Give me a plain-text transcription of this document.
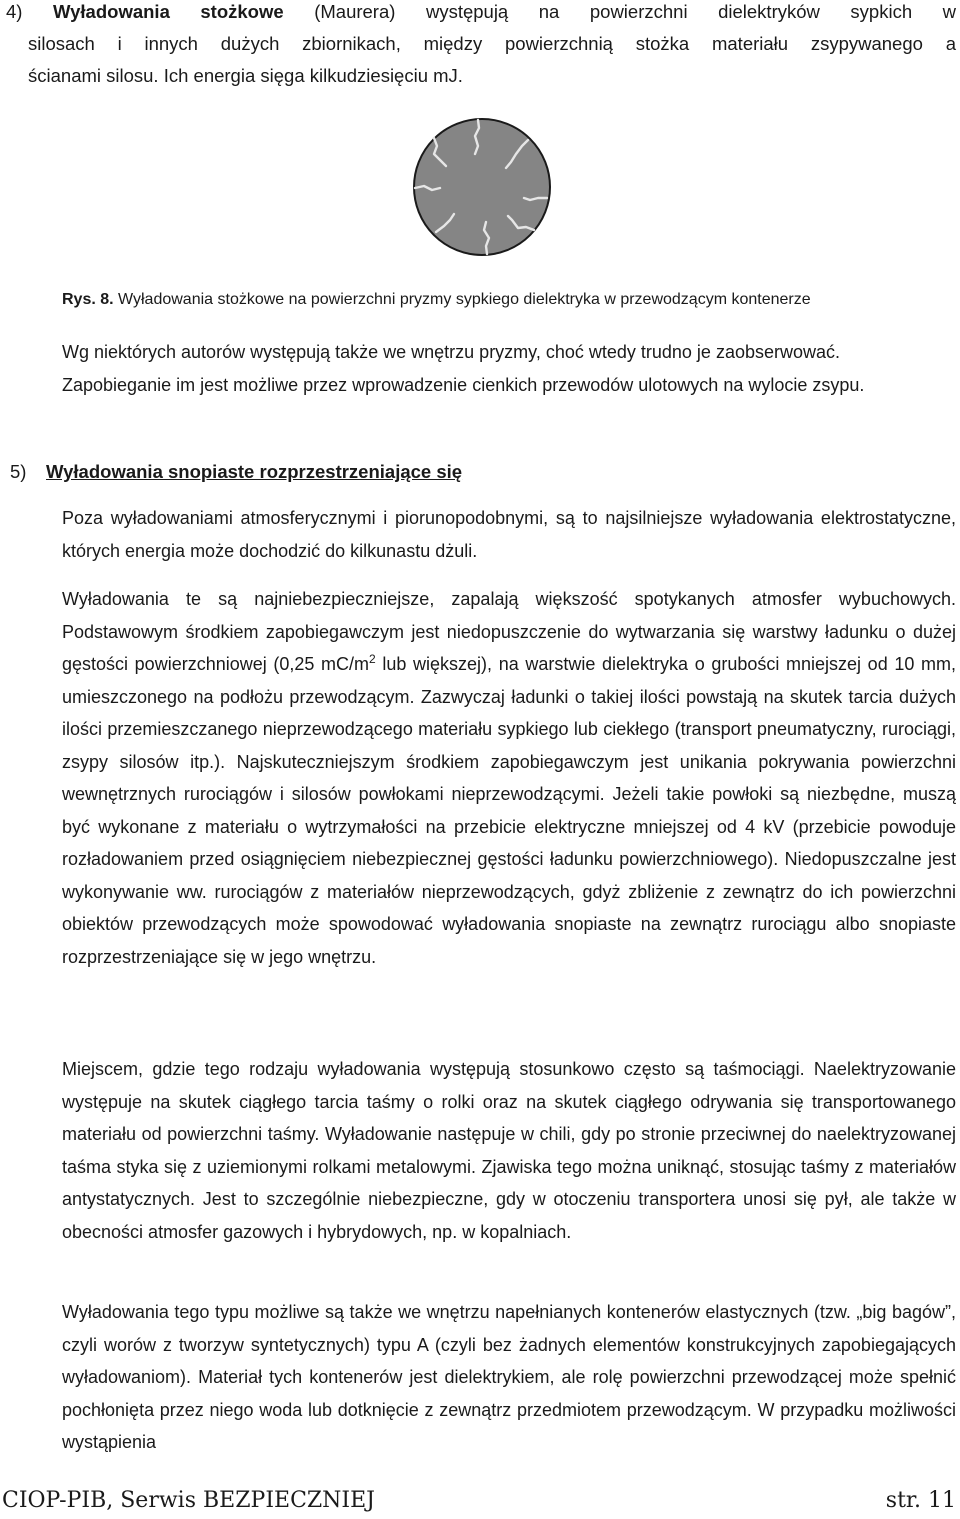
4) Wyładowania stożkowe (Maurera) występują na powierzchni dielektryków sypkich w
silosach i innych dużych zbiornikach, między powierzchnią stożka materiału zsypywanego a
ścianami silosu. Ich energia sięga kilkudziesięciu mJ.
Rys. 8. Wyładowania stożkowe na powierzchni pryzmy sypkiego dielektryka w przewodzącym kontenerze
Wg niektórych autorów występują także we wnętrzu pryzmy, choć wtedy trudno je zaobserwować. Zapobieganie im jest możliwe przez wprowadzenie cienkich przewodów ulotowych na wylocie zsypu.
5) Wyładowania snopiaste rozprzestrzeniające się
Poza wyładowaniami atmosferycznymi i piorunopodobnymi, są to najsilniejsze wyładowania elektrostatyczne, których energia może dochodzić do kilkunastu dżuli.
Wyładowania te są najniebezpieczniejsze, zapalają większość spotykanych atmosfer wybuchowych. Podstawowym środkiem zapobiegawczym jest niedopuszczenie do wytwarzania się warstwy ładunku o dużej gęstości powierzchniowej (0,25 $mC/m^2$ lub większej), na warstwie dielektryka o grubości mniejszej od 10 mm, umieszczonego na podłożu przewodzącym. Zazwyczaj ładunki o takiej ilości powstają na skutek tarcia dużych ilości przemieszczanego nieprzewodzącego materiału sypkiego lub ciekłego (transport pneumatyczny, rurociągi, zsypy silosów itp.). Najskuteczniejszym środkiem zapobiegawczym jest unikania pokrywania powierzchni wewnętrznych rurociągów i silosów powłokami nieprzewodzącymi. Jeżeli takie powłoki są niezbędne, muszą być wykonane z materiału o wytrzymałości na przebicie elektryczne mniejszej od 4 kV (przebicie powoduje rozładowaniem przed osiągnięciem niebezpiecznej gęstości ładunku powierzchniowego). Niedopuszczalne jest wykonywanie ww. rurociągów z materiałów nieprzewodzących, gdyż zbliżenie z zewnątrz do ich powierzchni obiektów przewodzących może spowodować wyładowania snopiaste na zewnątrz rurociągu albo snopiaste rozprzestrzeniające się w jego wnętrzu.
Miejscem, gdzie tego rodzaju wyładowania występują stosunkowo często są taśmociągi. Naelektryzowanie występuje na skutek ciągłego tarcia taśmy o rolki oraz na skutek ciągłego odrywania się transportowanego materiału od powierzchni taśmy. Wyładowanie następuje w chili, gdy po stronie przeciwnej do naelektryzowanej taśma styka się z uziemionymi rolkami metalowymi. Zjawiska tego można uniknąć, stosując taśmy z materiałów antystatycznych. Jest to szczególnie niebezpieczne, gdy w otoczeniu transportera unosi się pył, ale także w obecności atmosfer gazowych i hybrydowych, np. w kopalniach.
Wyładowania tego typu możliwe są także we wnętrzu napełnianych kontenerów elastycznych (tzw. „big bagów”, czyli worów z tworzyw syntetycznych) typu A (czyli bez żadnych elementów konstrukcyjnych zapobiegających wyładowaniom). Materiał tych kontenerów jest dielektrykiem, ale rolę powierzchni przewodzącej może spełnić pochłonięta przez niego woda lub dotknięcie z zewnątrz przedmiotem przewodzącym. W przypadku możliwości wystąpienia
CIOP-PIB, Serwis BEZPIECZNIEJ	str. 11
